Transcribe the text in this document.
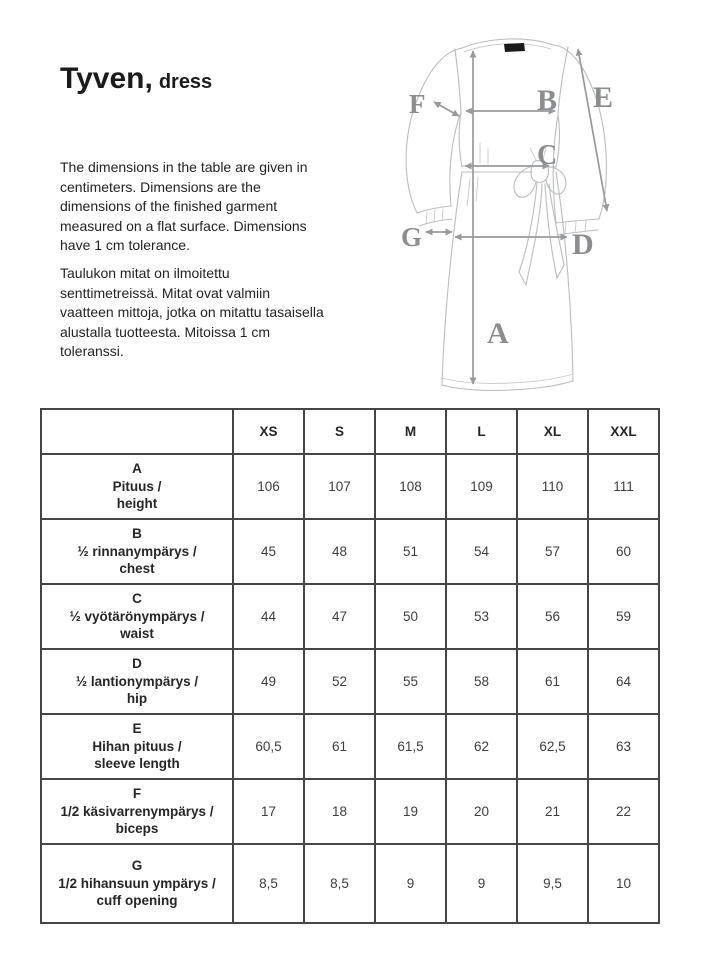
Tyven, dress
The dimensions in the table are given in centimeters. Dimensions are the dimensions of the finished garment measured on a flat surface. Dimensions have 1 cm tolerance.
Taulukon mitat on ilmoitettu senttimetreissä. Mitat ovat valmiin vaatteen mittoja, jotka on mitattu tasaisella alustalla tuotteesta. Mitoissa 1 cm toleranssi.
A
B
C
D
E
F
G
	XS	S	M	L	XL	XXL

A
Pituus /
height	106	107	108	109	110	111

B
½ rinnanympärys /
chest	45	48	51	54	57	60

C
½ vyötärönympärys /
waist	44	47	50	53	56	59

D
½ lantionympärys /
hip	49	52	55	58	61	64

E
Hihan pituus /
sleeve length	60,5	61	61,5	62	62,5	63

F
1/2 käsivarrenympärys /
biceps	17	18	19	20	21	22

G
1/2 hihansuun ympärys /
cuff opening	8,5	8,5	9	9	9,5	10
